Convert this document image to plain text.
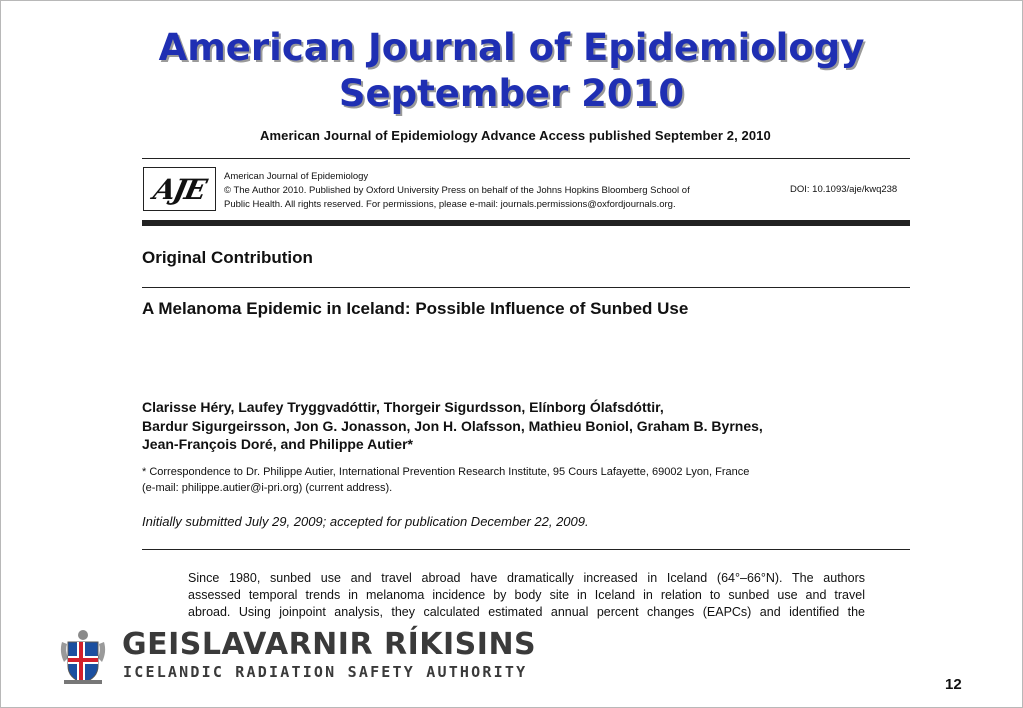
American Journal of Epidemiology
September 2010
American Journal of Epidemiology Advance Access published September 2, 2010
AJE American Journal of Epidemiology
© The Author 2010. Published by Oxford University Press on behalf of the Johns Hopkins Bloomberg School of
Public Health. All rights reserved. For permissions, please e-mail: journals.permissions@oxfordjournals.org.
DOI: 10.1093/aje/kwq238
Original Contribution
A Melanoma Epidemic in Iceland: Possible Influence of Sunbed Use
Clarisse Héry, Laufey Tryggvadóttir, Thorgeir Sigurdsson, Elínborg Ólafsdóttir,
Bardur Sigurgeirsson, Jon G. Jonasson, Jon H. Olafsson, Mathieu Boniol, Graham B. Byrnes,
Jean-François Doré, and Philippe Autier*
* Correspondence to Dr. Philippe Autier, International Prevention Research Institute, 95 Cours Lafayette, 69002 Lyon, France
(e-mail: philippe.autier@i-pri.org) (current address).
Initially submitted July 29, 2009; accepted for publication December 22, 2009.

Since 1980, sunbed use and travel abroad have dramatically increased in Iceland (64°–66°N). The authors

assessed temporal trends in melanoma incidence by body site in Iceland in relation to sunbed use and travel

abroad. Using joinpoint analysis, they calculated estimated annual percent changes (EAPCs) and identified the

GEISLAVARNIR RÍKISINS
ICELANDIC RADIATION SAFETY AUTHORITY
12
